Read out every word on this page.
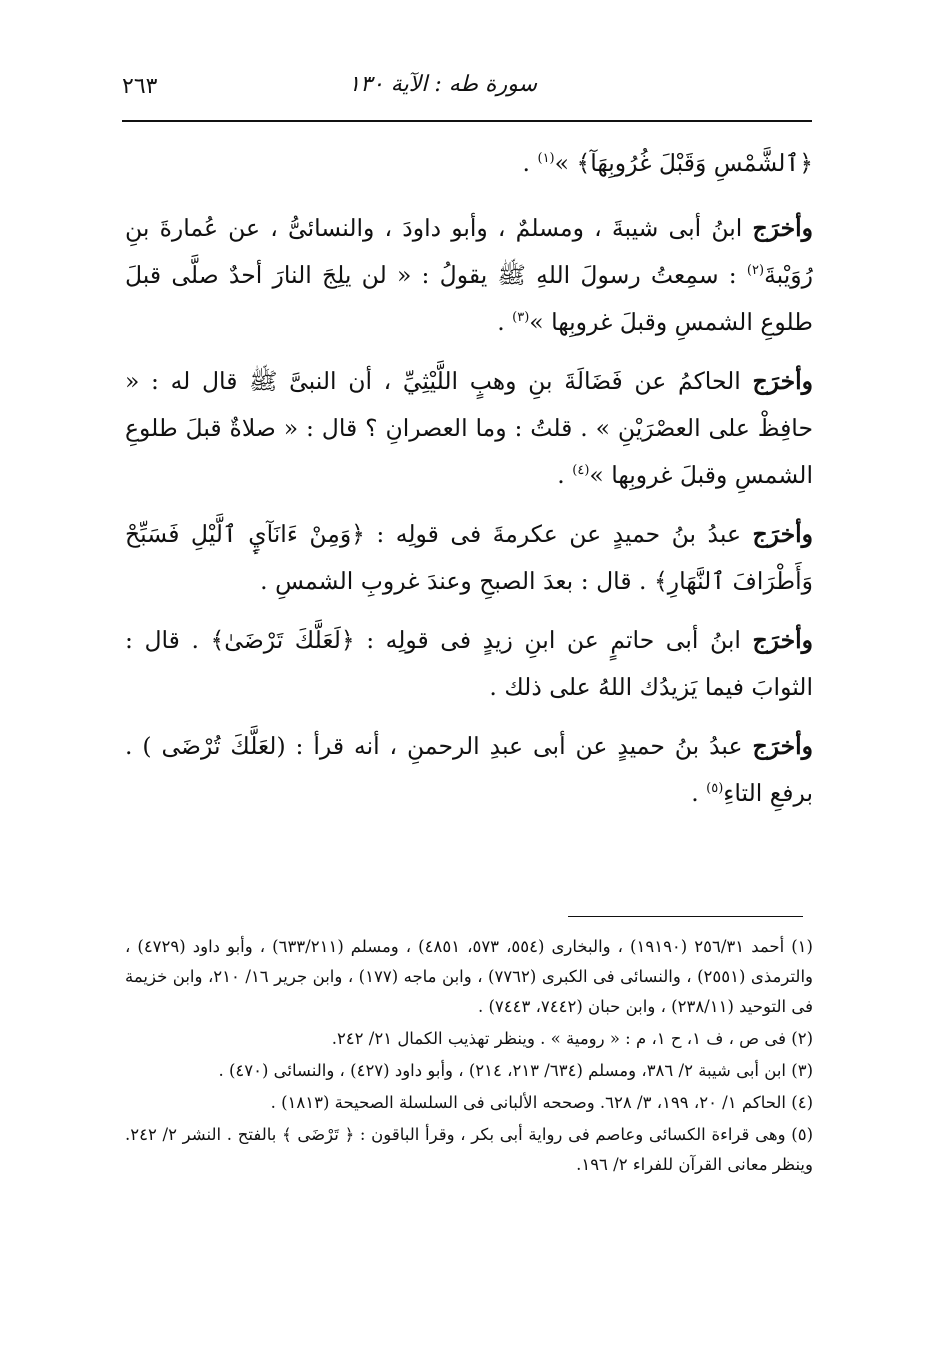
٢٦٣	سورة طه : الآية ١٣٠

﴿ٱلشَّمْسِ وَقَبْلَ غُرُوبِهَآ﴾ »$^{(١)}$ .

وأخرَج ابنُ أبى شيبةَ ، ومسلمٌ ، وأبو داودَ ، والنسائىُّ ، عن عُمارةَ بنِ رُوَيْبةَ$^{(٢)}$ : سمِعتُ رسولَ اللهِ ﷺ يقولُ : « لن يلِجَ النارَ أحدٌ صلَّى قبلَ طلوعِ الشمسِ وقبلَ غروبِها »$^{(٣)}$ .

وأخرَج الحاكمُ عن فَضَالَةَ بنِ وهبٍ اللَّيْثِيِّ ، أن النبىَّ ﷺ قال له : « حافِظْ على العصْرَيْنِ » . قلتُ : وما العصرانِ ؟ قال : « صلاةٌ قبلَ طلوعِ الشمسِ وقبلَ غروبِها »$^{(٤)}$ .

وأخرَج عبدُ بنُ حميدٍ عن عكرمةَ فى قولِه : ﴿وَمِنْ ءَانَآيِٕ ٱلَّيْلِ فَسَبِّحْ وَأَطْرَافَ ٱلنَّهَارِ﴾ . قال : بعدَ الصبحِ وعندَ غروبِ الشمسِ .

وأخرَج ابنُ أبى حاتمٍ عن ابنِ زيدٍ فى قولِه : ﴿لَعَلَّكَ تَرْضَىٰ﴾ . قال : الثوابَ فيما يَزيدُك اللهُ على ذلك .

وأخرَج عبدُ بنُ حميدٍ عن أبى عبدِ الرحمنِ ، أنه قرأ : (لعَلَّكَ تُرْضَى ) . برفعِ التاءِ$^{(٥)}$ .

(١) أحمد ٢٥٦/٣١ (١٩١٩٠) ، والبخارى (٥٥٤، ٥٧٣، ٤٨٥١) ، ومسلم (٦٣٣/٢١١) ، وأبو داود (٤٧٢٩) ، والترمذى (٢٥٥١) ، والنسائى فى الكبرى (٧٧٦٢) ، وابن ماجه (١٧٧) ، وابن جرير ١٦/ ٢١٠، وابن خزيمة فى التوحيد (٢٣٨/١١) ، وابن حبان (٧٤٤٢، ٧٤٤٣) .

(٢) فى ص ، ف ١، ح ١، م : « رومية » . وينظر تهذيب الكمال ٢١/ ٢٤٢.

(٣) ابن أبى شيبة ٢/ ٣٨٦، ومسلم (٦٣٤/ ٢١٣، ٢١٤) ، وأبو داود (٤٢٧) ، والنسائى (٤٧٠) .

(٤) الحاكم ١/ ٢٠، ١٩٩، ٣/ ٦٢٨. وصححه الألبانى فى السلسلة الصحيحة (١٨١٣) .

(٥) وهى قراءة الكسائى وعاصم فى رواية أبى بكر ، وقرأ الباقون : ﴿ تَرْضَى ﴾ بالفتح . النشر ٢/ ٢٤٢. وينظر معانى القرآن للفراء ٢/ ١٩٦.
